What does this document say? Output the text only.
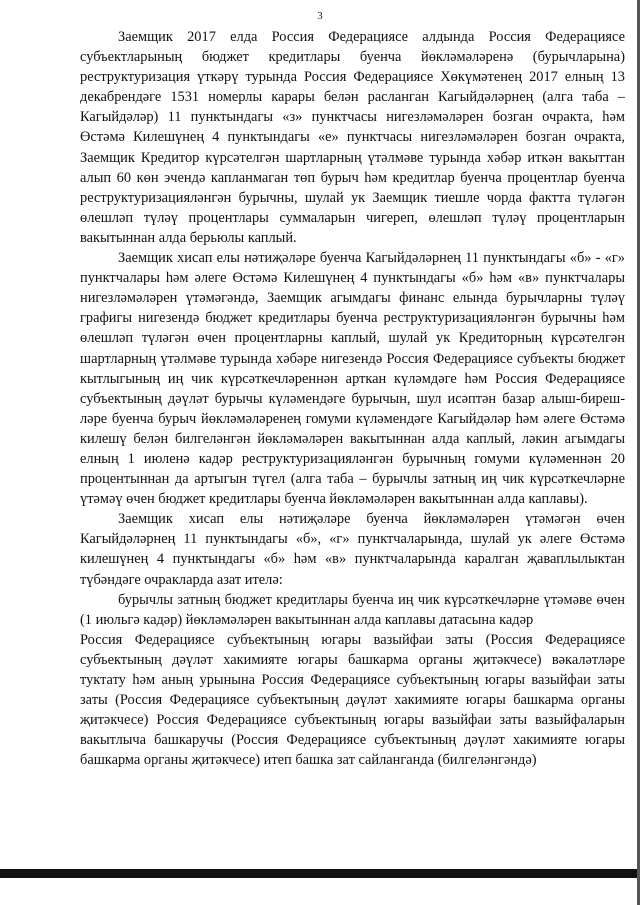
3

Заемщик 2017 елда Россия Федерациясе алдында Россия Федерациясе субъектларының бюджет кредитлары буенча йөкләмәләренә (бурычларына) реструктуризация үткәрү турында Россия Федерациясе Хөкүмәтенең 2017 елның 13 декабрендәге 1531 номерлы карары белән расланган Кагыйдәләрнең (алга таба – Кагыйдәләр) 11 пунктындагы «з» пунктчасы нигезләмәләрен бозган очракта, һәм Өстәмә Килешүнең 4 пунктындагы «е» пунктчасы нигезләмәләрен бозган очракта, Заемщик Кредитор күрсәтелгән шартларның үтәлмәве турында хәбәр иткән вакыттан алып 60 көн эчендә капланмаган төп бурыч һәм кредитлар буенча процентлар буенча реструктуризацияләнгән бурычны, шулай ук Заемщик тиешле чорда фактта түләгән өлешләп түләү процентлары суммаларын чигереп, өлешләп түләү процентларын вакытыннан алда берьюлы каплый.

Заемщик хисап елы нәтиҗәләре буенча Кагыйдәләрнең 11 пунктындагы «б» - «г» пунктчалары һәм әлеге Өстәмә Килешүнең 4 пунктындагы «б» һәм «в» пунктчалары нигезләмәләрен үтәмәгәндә, Заемщик агымдагы финанс елында бурычларны түләү графигы нигезендә бюджет кредитлары буенча реструктуризацияләнгән бурычны һәм өлешләп түләгән өчен процентларны каплый, шулай ук Кредиторның күрсәтелгән шартларның үтәлмәве турында хәбәре нигезендә Россия Федерациясе субъекты бюджет кытлыгының иң чик күрсәткечләреннән арткан күләмдәге һәм Россия Федерациясе субъектының дәүләт бурычы күләмендәге бурычын, шул исәптән базар алыш-бирешләре буенча бурыч йөкләмәләренең гомуми күләмендәге Кагыйдәләр һәм әлеге Өстәмә килешү белән билгеләнгән йөкләмәләрен вакытыннан алда каплый, ләкин агымдагы елның 1 июленә кадәр реструктуризацияләнгән бурычның гомуми күләменнән 20 процентыннан да артыгын түгел (алга таба – бурычлы затның иң чик күрсәткечләрне үтәмәү өчен бюджет кредитлары буенча йөкләмәләрен вакытыннан алда каплавы).

Заемщик хисап елы нәтиҗәләре буенча йөкләмәләрен үтәмәгән өчен Кагыйдәләрнең 11 пунктындагы «б», «г» пунктчаларында, шулай ук әлеге Өстәмә килешүнең 4 пунктындагы «б» һәм «в» пунктчаларында каралган җаваплылыктан түбәндәге очракларда азат ителә:

бурычлы затның бюджет кредитлары буенча иң чик күрсәткечләрне үтәмәве өчен (1 июльгә кадәр) йөкләмәләрен вакытыннан алда каплавы датасына кадәр

Россия Федерациясе субъектының югары вазыйфаи заты (Россия Федерациясе субъектының дәүләт хакимияте югары башкарма органы җитәкчесе) вәкаләтләре туктату һәм аның урынына Россия Федерациясе субъектының югары вазыйфаи заты заты (Россия Федерациясе субъектының дәүләт хакимияте югары башкарма органы җитәкчесе) Россия Федерациясе субъектының югары вазыйфаи заты вазыйфаларын вакытлыча башкаручы (Россия Федерациясе субъектының дәүләт хакимияте югары башкарма органы җитәкчесе) итеп башка зат сайланганда (билгеләнгәндә)
